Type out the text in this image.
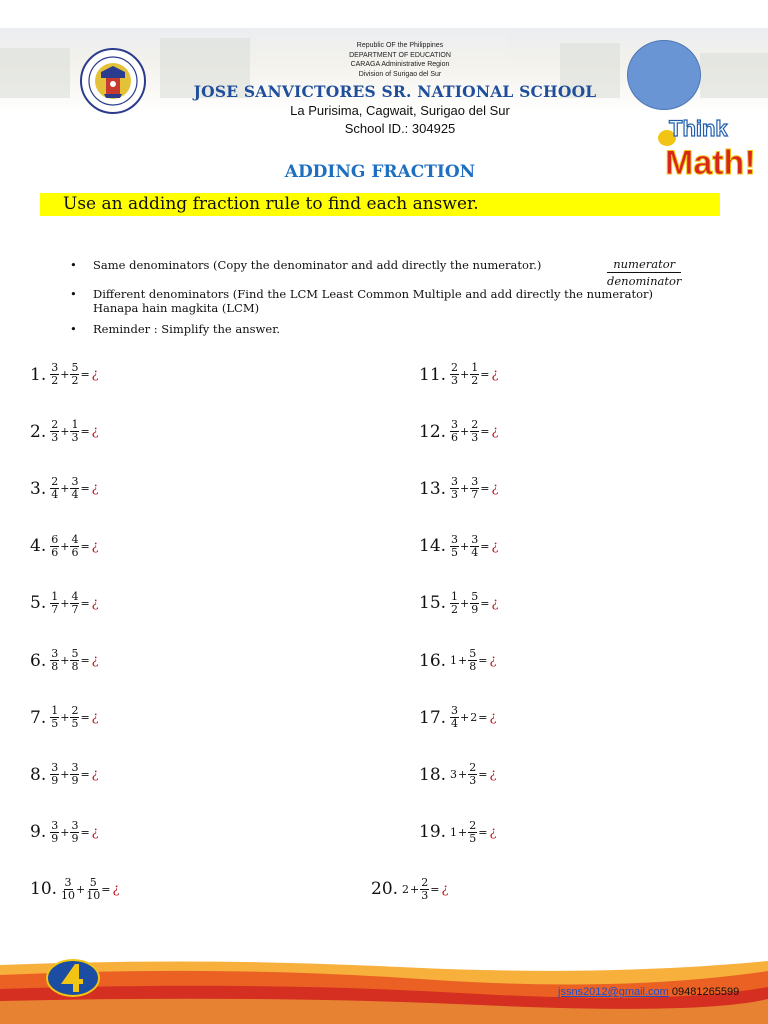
Republic OF the Philippines
DEPARTMENT OF EDUCATION
CARAGA Administrative Region
Division of Surigao del Sur
JOSE SANVICTORES SR. NATIONAL SCHOOL
La Purisima, Cagwait, Surigao del Sur
School ID.: 304925	Think
Math!
ADDING FRACTION
Use an adding fraction rule to find each answer.
• Same denominators (Copy the denominator and add directly the numerator.)	numerator
denominator
• Different denominators (Find the LCM Least Common Multiple and add directly the numerator) Hanapa hain magkita (LCM)
• Reminder : Simplify the answer.
1. $\frac{3}{2} + \frac{5}{2}$ = ¿
2. $\frac{2}{3} + \frac{1}{3}$ = ¿
3. $\frac{2}{4} + \frac{3}{4}$ = ¿
4. $\frac{6}{6} + \frac{4}{6}$ = ¿
5. $\frac{1}{7} + \frac{4}{7}$ = ¿
6. $\frac{3}{8} + \frac{5}{8}$ = ¿
7. $\frac{1}{5} + \frac{2}{5}$ = ¿
8. $\frac{3}{9} + \frac{3}{9}$ = ¿
9. $\frac{3}{9} + \frac{3}{9}$ = ¿
10. $\frac{3}{10} + \frac{5}{10}$ = ¿
11. $\frac{2}{3} + \frac{1}{2}$ = ¿
12. $\frac{3}{6} + \frac{2}{3}$ = ¿
13. $\frac{3}{3} + \frac{3}{7}$ = ¿
14. $\frac{3}{5} + \frac{3}{4}$ = ¿
15. $\frac{1}{2} + \frac{5}{9}$ = ¿
16. $1 + \frac{5}{8}$ = ¿
17. $\frac{3}{4} + 2$ = ¿
18. $3 + \frac{2}{3}$ = ¿
19. $1 + \frac{2}{5}$ = ¿
20. $2 + \frac{2}{3}$ = ¿
jssns2012@gmail.com 09481265599
